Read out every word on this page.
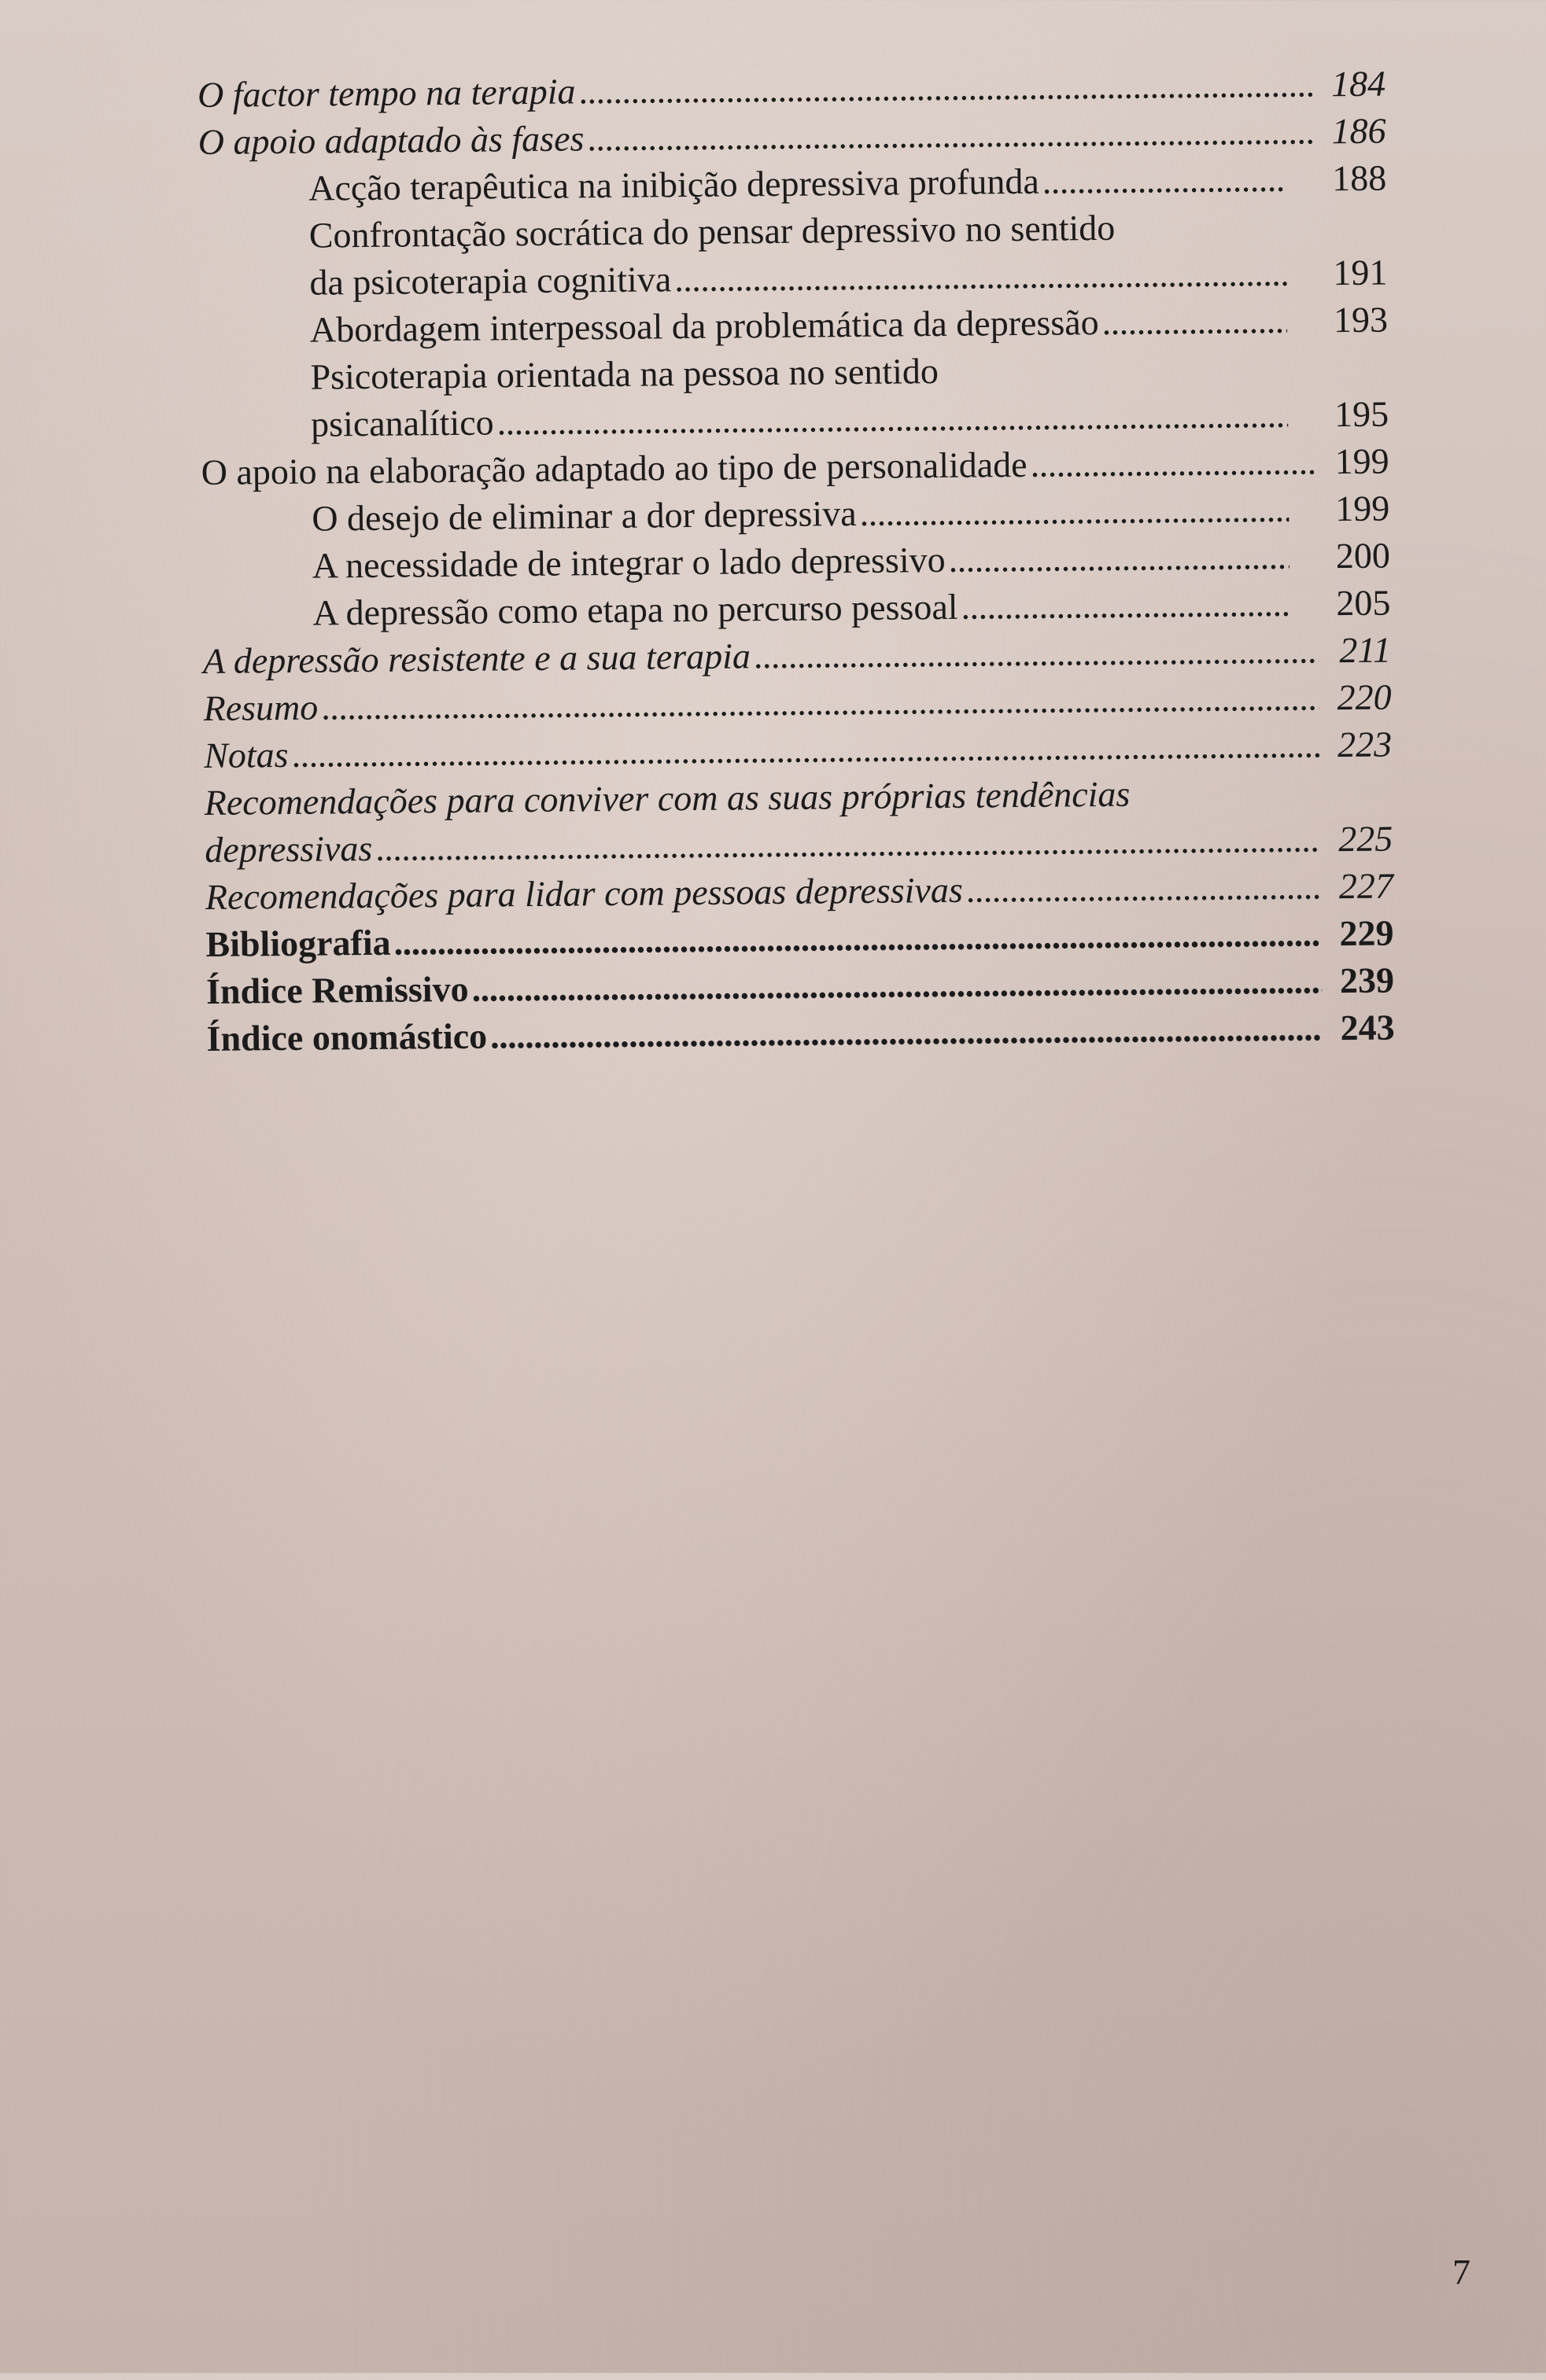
O factor tempo na terapia . . .	184
O apoio adaptado às fases . . .	186
Acção terapêutica na inibição depressiva profunda . . .	188
Confrontação socrática do pensar depressivo no sentido
da psicoterapia cognitiva . . .	191
Abordagem interpessoal da problemática da depressão . . .	193
Psicoterapia orientada na pessoa no sentido
psicanalítico . . .	195
O apoio na elaboração adaptado ao tipo de personalidade . . .	199
O desejo de eliminar a dor depressiva . . .	199
A necessidade de integrar o lado depressivo . . .	200
A depressão como etapa no percurso pessoal . . .	205
A depressão resistente e a sua terapia . . .	211
Resumo . . .	220
Notas . . .	223
Recomendações para conviver com as suas próprias tendências
depressivas . . .	225
Recomendações para lidar com pessoas depressivas . . .	227
Bibliografia . . .	229
Índice Remissivo . . .	239
Índice onomástico . . .	243
7
